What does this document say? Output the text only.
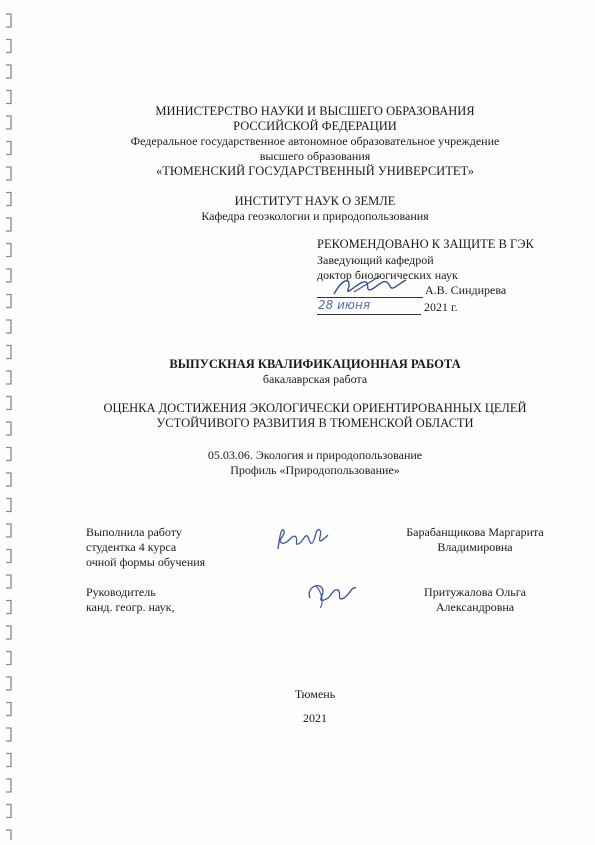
МИНИСТЕРСТВО НАУКИ И ВЫСШЕГО ОБРАЗОВАНИЯ
РОССИЙСКОЙ ФЕДЕРАЦИИ
Федеральное государственное автономное образовательное учреждение
высшего образования
«ТЮМЕНСКИЙ ГОСУДАРСТВЕННЫЙ УНИВЕРСИТЕТ»
ИНСТИТУТ НАУК О ЗЕМЛЕ
Кафедра геоэкологии и природопользования
РЕКОМЕНДОВАНО К ЗАЩИТЕ В ГЭК
Заведующий кафедрой
доктор биологических наук
А.В. Синдирева
28 июня	2021 г.
ВЫПУСКНАЯ КВАЛИФИКАЦИОННАЯ РАБОТА
бакалаврская работа
ОЦЕНКА ДОСТИЖЕНИЯ ЭКОЛОГИЧЕСКИ ОРИЕНТИРОВАННЫХ ЦЕЛЕЙ
УСТОЙЧИВОГО РАЗВИТИЯ В ТЮМЕНСКОЙ ОБЛАСТИ
05.03.06. Экология и природопользование
Профиль «Природопользование»
Выполнила работу
студентка 4 курса
очной формы обучения
Барабанщикова Маргарита
Владимировна
Руководитель
канд. геогр. наук,
Притужалова Ольга
Александровна
Тюмень
2021
